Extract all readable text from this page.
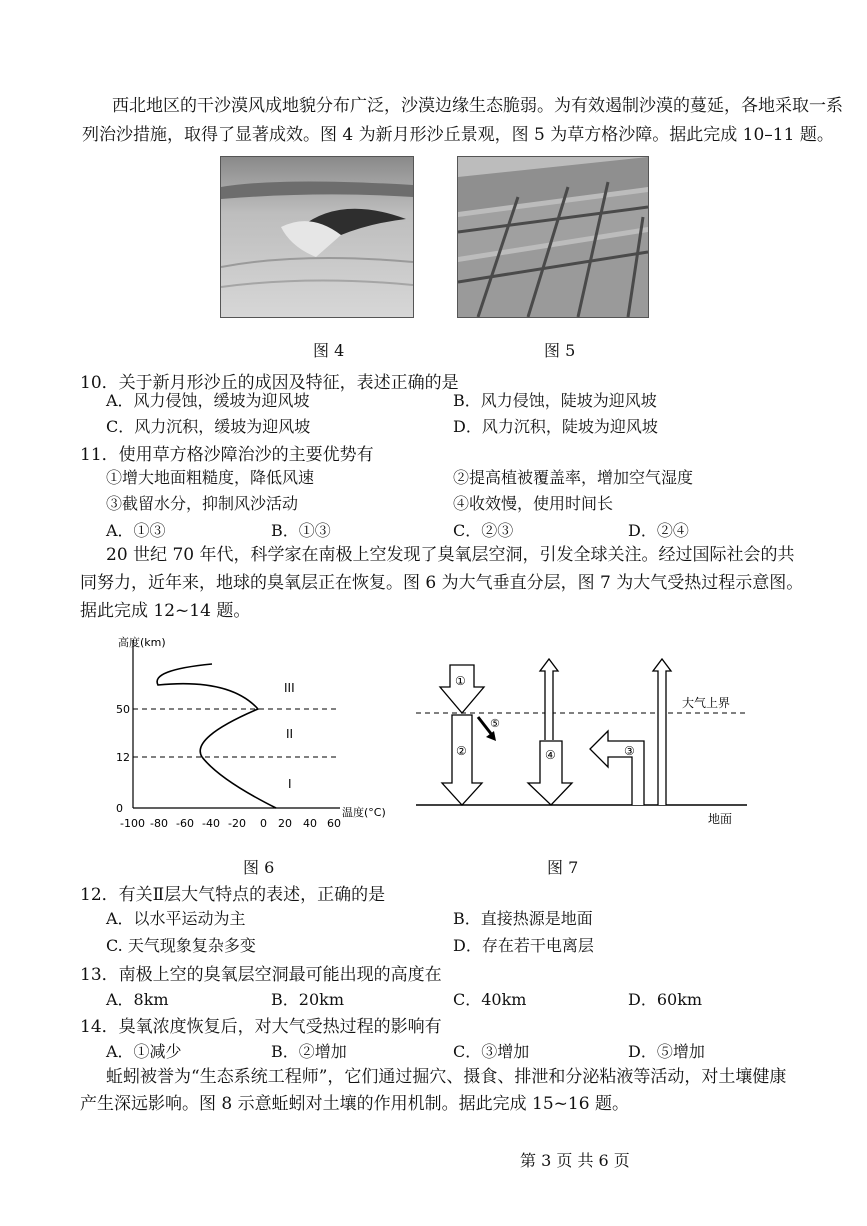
西北地区的干沙漠风成地貌分布广泛，沙漠边缘生态脆弱。为有效遏制沙漠的蔓延，各地采取一系
列治沙措施，取得了显著成效。图 4 为新月形沙丘景观，图 5 为草方格沙障。据此完成 10–11 题。
图 4	图 5
10．关于新月形沙丘的成因及特征，表述正确的是
A．风力侵蚀，缓坡为迎风坡	B．风力侵蚀，陡坡为迎风坡
C．风力沉积，缓坡为迎风坡	D．风力沉积，陡坡为迎风坡
11．使用草方格沙障治沙的主要优势有
①增大地面粗糙度，降低风速	②提高植被覆盖率，增加空气湿度
③截留水分，抑制风沙活动	④收效慢，使用时间长
A．①③	B．①③	C．②③	D．②④
20 世纪 70 年代，科学家在南极上空发现了臭氧层空洞，引发全球关注。经过国际社会的共
同努力，近年来，地球的臭氧层正在恢复。图 6 为大气垂直分层，图 7 为大气受热过程示意图。
据此完成 12~14 题。
0
12
50
高度(km)
-100 -80 -60 -40 -20 0 20 40 60
温度(°C)
I
II
III
大气上界
地面
①
②
⑤
④	③
图 6	图 7
12．有关Ⅱ层大气特点的表述，正确的是
A．以水平运动为主	B．直接热源是地面
C. 天气现象复杂多变	D．存在若干电离层
13．南极上空的臭氧层空洞最可能出现的高度在
A．8km	B．20km	C．40km	D．60km
14．臭氧浓度恢复后，对大气受热过程的影响有
A．①减少	B．②增加	C．③增加	D．⑤增加
蚯蚓被誉为“生态系统工程师”，它们通过掘穴、摄食、排泄和分泌粘液等活动，对土壤健康
产生深远影响。图 8 示意蚯蚓对土壤的作用机制。据此完成 15~16 题。
第 3 页 共 6 页
